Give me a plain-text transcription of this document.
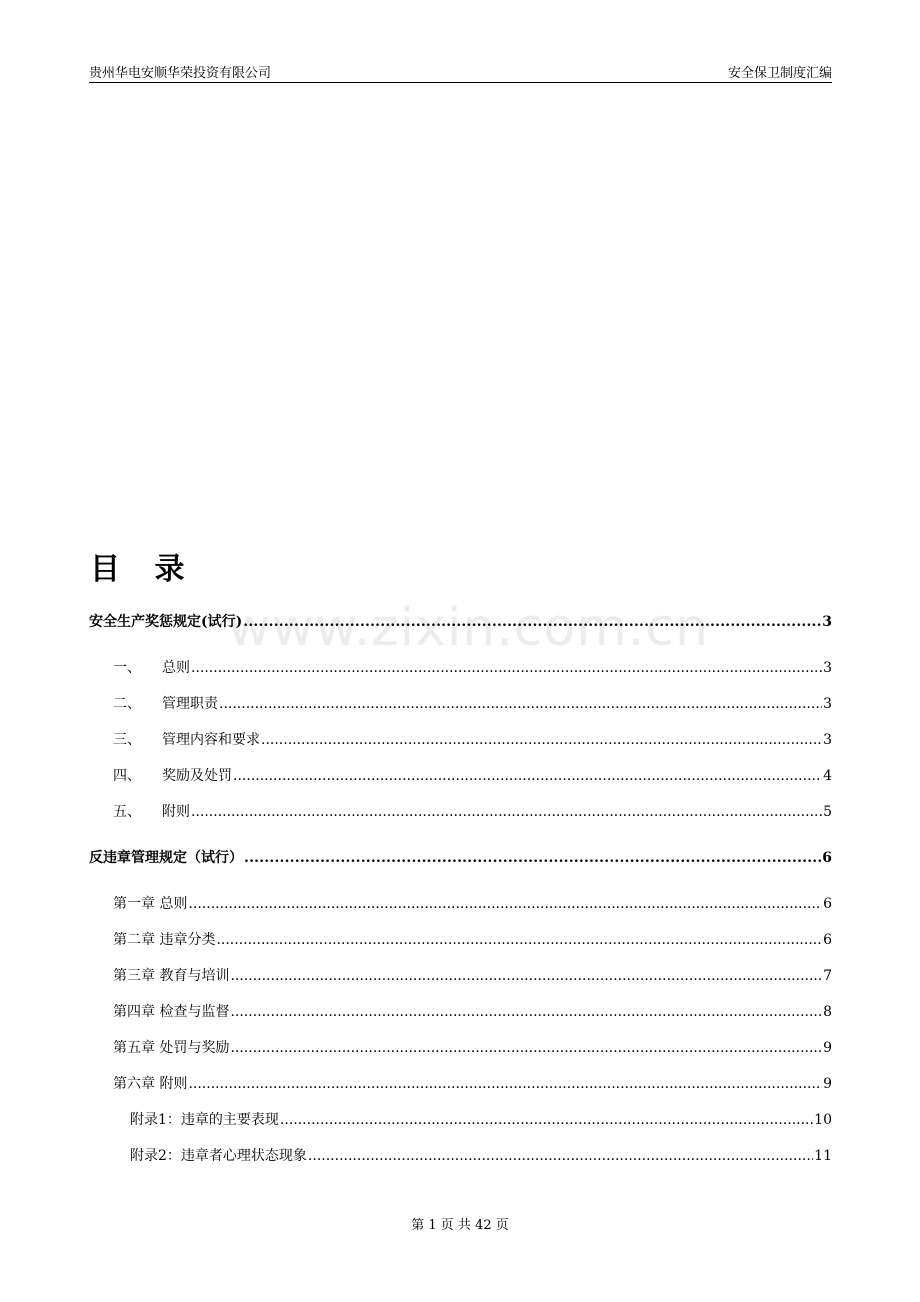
贵州华电安顺华荣投资有限公司	安全保卫制度汇编
www.zixin.com.cn
目 录
安全生产奖惩规定(试行) .....	3
一、 总则 .....	3
二、 管理职责 .....	3
三、 管理内容和要求 .....	3
四、 奖励及处罚 .....	4
五、 附则 .....	5
反违章管理规定（试行） .....	6
第一章 总则 .....	6
第二章 违章分类 .....	6
第三章 教育与培训 .....	7
第四章 检查与监督 .....	8
第五章 处罚与奖励 .....	9
第六章 附则 .....	9
附录1：违章的主要表现 .....	10
附录2：违章者心理状态现象 .....	11
第 1 页 共 42 页
